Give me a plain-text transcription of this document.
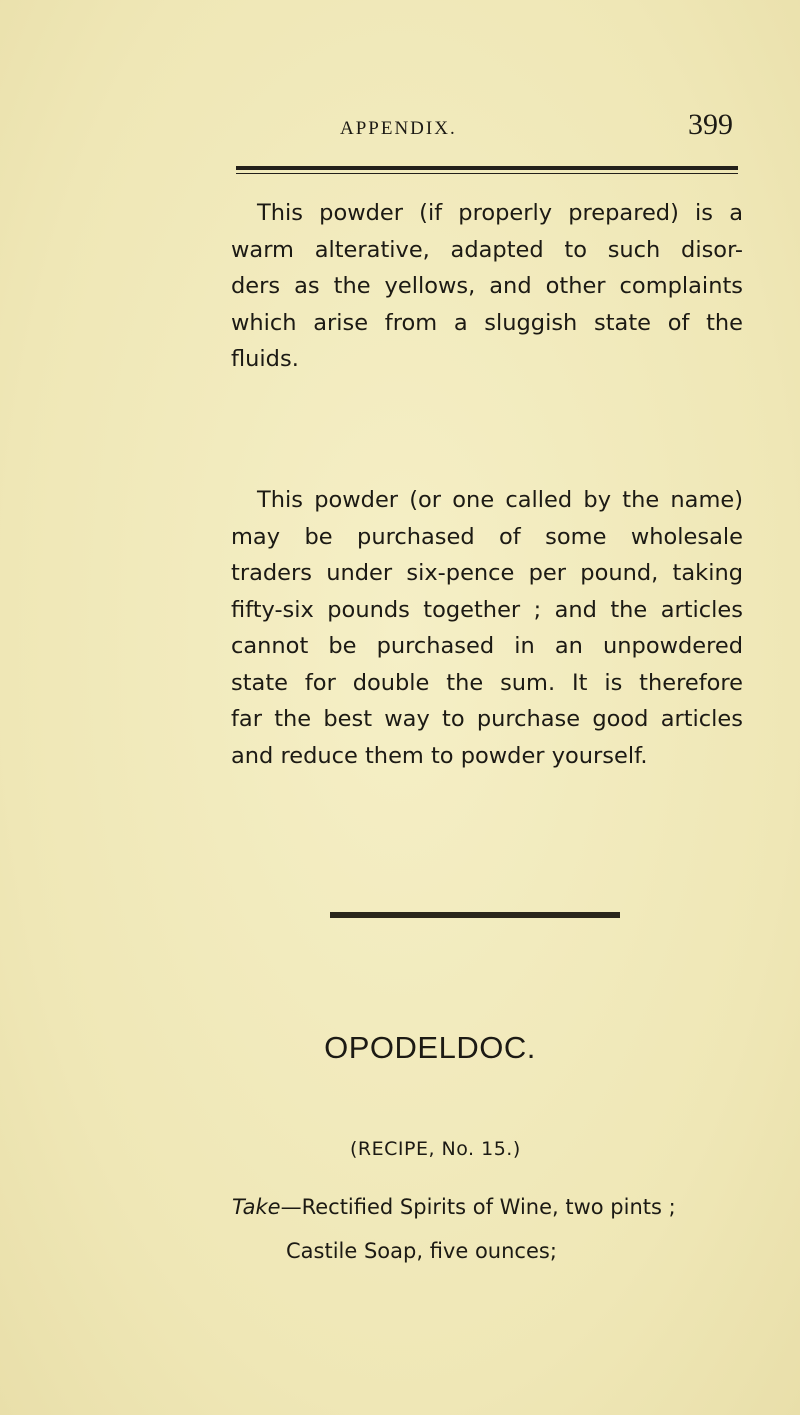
APPENDIX.	399
This powder (if properly prepared) is a
warm alterative, adapted to such disor-
ders as the yellows, and other complaints
which arise from a sluggish state of the
fluids.
This powder (or one called by the name)
may be purchased of some wholesale
traders under six-pence per pound, taking
fifty-six pounds together ; and the articles
cannot be purchased in an unpowdered
state for double the sum. It is therefore
far the best way to purchase good articles
and reduce them to powder yourself.
OPODELDOC.
(RECIPE, No. 15.)
Take—Rectified Spirits of Wine, two pints ;
Castile Soap, five ounces;
